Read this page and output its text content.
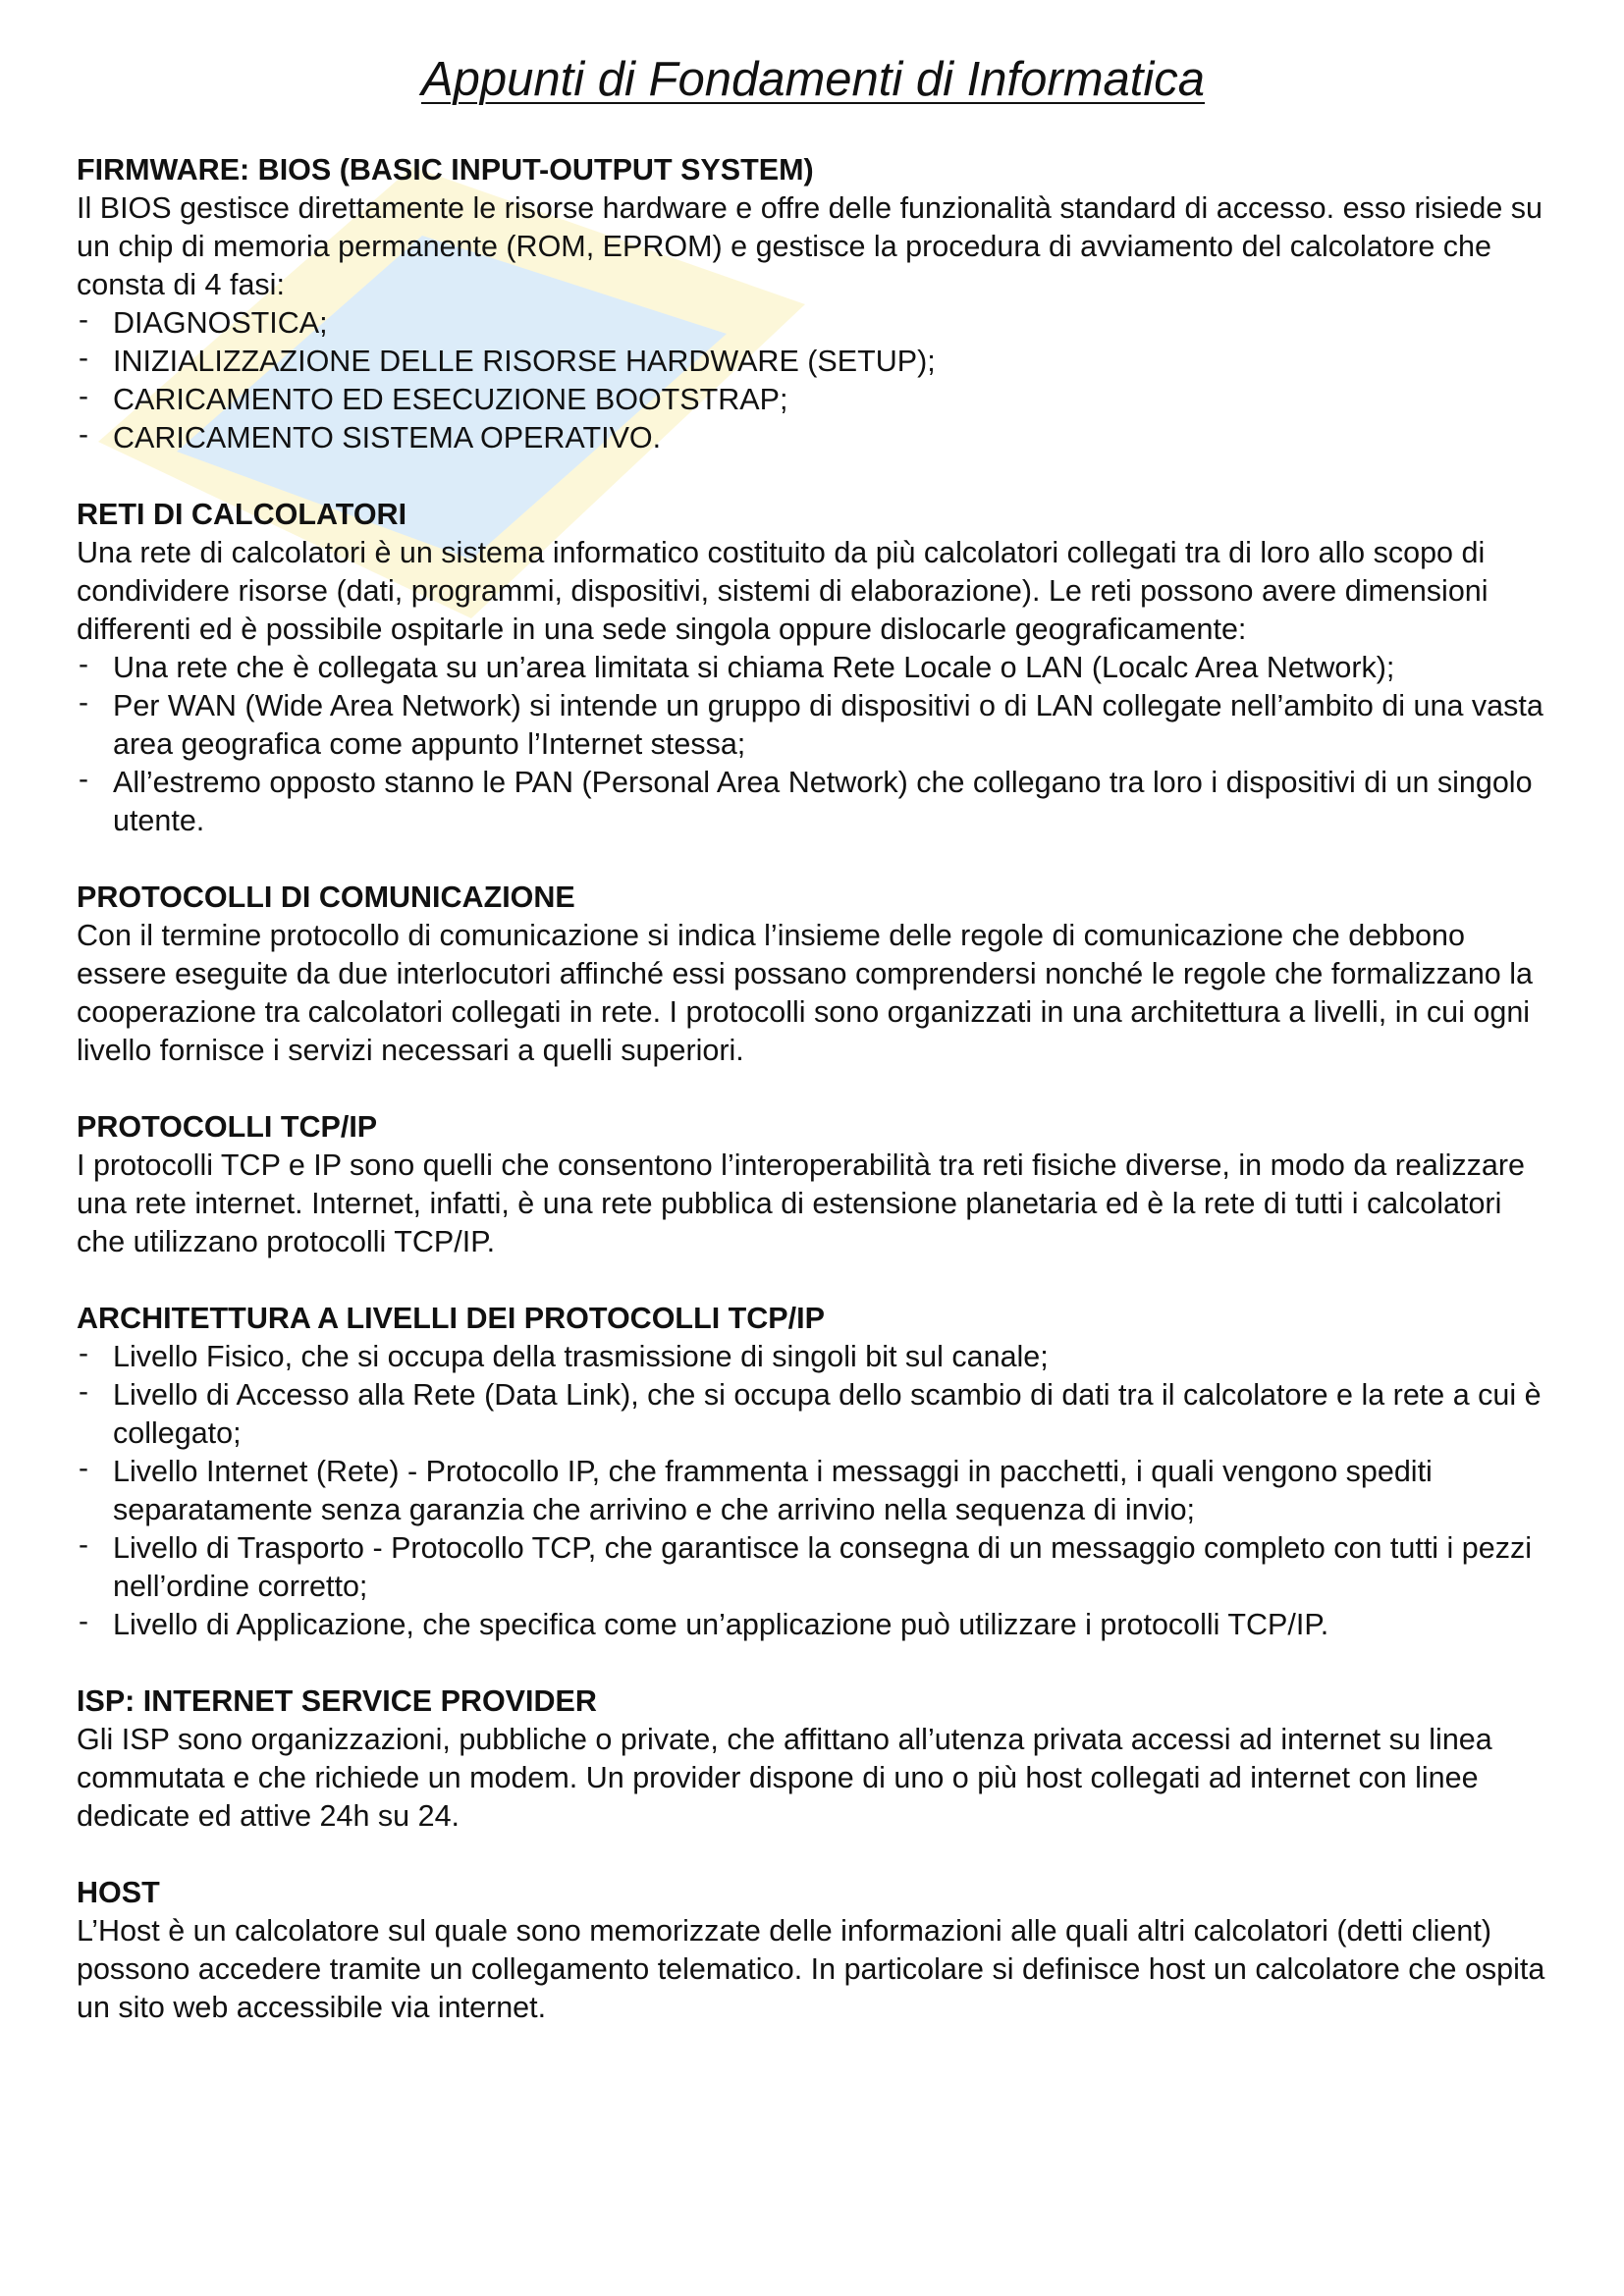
Appunti di Fondamenti di Informatica
FIRMWARE: BIOS (BASIC INPUT-OUTPUT SYSTEM)
Il BIOS gestisce direttamente le risorse hardware e offre delle funzionalità standard di accesso. esso risiede su un chip di memoria permanente (ROM, EPROM) e gestisce la procedura di avviamento del calcolatore che consta di 4 fasi:
- DIAGNOSTICA;
- INIZIALIZZAZIONE DELLE RISORSE HARDWARE (SETUP);
- CARICAMENTO ED ESECUZIONE BOOTSTRAP;
- CARICAMENTO SISTEMA OPERATIVO.
RETI DI CALCOLATORI
Una rete di calcolatori è un sistema informatico costituito da più calcolatori collegati tra di loro allo scopo di condividere risorse (dati, programmi, dispositivi, sistemi di elaborazione). Le reti possono avere dimensioni differenti ed è possibile ospitarle in una sede singola oppure dislocarle geograficamente:
- Una rete che è collegata su un’area limitata si chiama Rete Locale o LAN (Localc Area Network);
- Per WAN (Wide Area Network) si intende un gruppo di dispositivi o di LAN collegate nell’ambito di una vasta area geografica come appunto l’Internet stessa;
- All’estremo opposto stanno le PAN (Personal Area Network) che collegano tra loro i dispositivi di un singolo utente.
PROTOCOLLI DI COMUNICAZIONE
Con il termine protocollo di comunicazione si indica l’insieme delle regole di comunicazione che debbono essere eseguite da due interlocutori affinché essi possano comprendersi nonché le regole che formalizzano la cooperazione tra calcolatori collegati in rete. I protocolli sono organizzati in una architettura a livelli, in cui ogni livello fornisce i servizi necessari a quelli superiori.
PROTOCOLLI TCP/IP
I protocolli TCP e IP sono quelli che consentono l’interoperabilità tra reti fisiche diverse, in modo da realizzare una rete internet. Internet, infatti, è una rete pubblica di estensione planetaria ed è la rete di tutti i calcolatori che utilizzano protocolli TCP/IP.
ARCHITETTURA A LIVELLI DEI PROTOCOLLI TCP/IP
- Livello Fisico, che si occupa della trasmissione di singoli bit sul canale;
- Livello di Accesso alla Rete (Data Link), che si occupa dello scambio di dati tra il calcolatore e la rete a cui è collegato;
- Livello Internet (Rete) - Protocollo IP, che frammenta i messaggi in pacchetti, i quali vengono spediti separatamente senza garanzia che arrivino e che arrivino nella sequenza di invio;
- Livello di Trasporto - Protocollo TCP, che garantisce la consegna di un messaggio completo con tutti i pezzi nell’ordine corretto;
- Livello di Applicazione, che specifica come un’applicazione può utilizzare i protocolli TCP/IP.
ISP: INTERNET SERVICE PROVIDER
Gli ISP sono organizzazioni, pubbliche o private, che affittano all’utenza privata accessi ad internet su linea commutata e che richiede un modem. Un provider dispone di uno o più host collegati ad internet con linee dedicate ed attive 24h su 24.
HOST
L’Host è un calcolatore sul quale sono memorizzate delle informazioni alle quali altri calcolatori (detti client) possono accedere tramite un collegamento telematico. In particolare si definisce host un calcolatore che ospita un sito web accessibile via internet.
